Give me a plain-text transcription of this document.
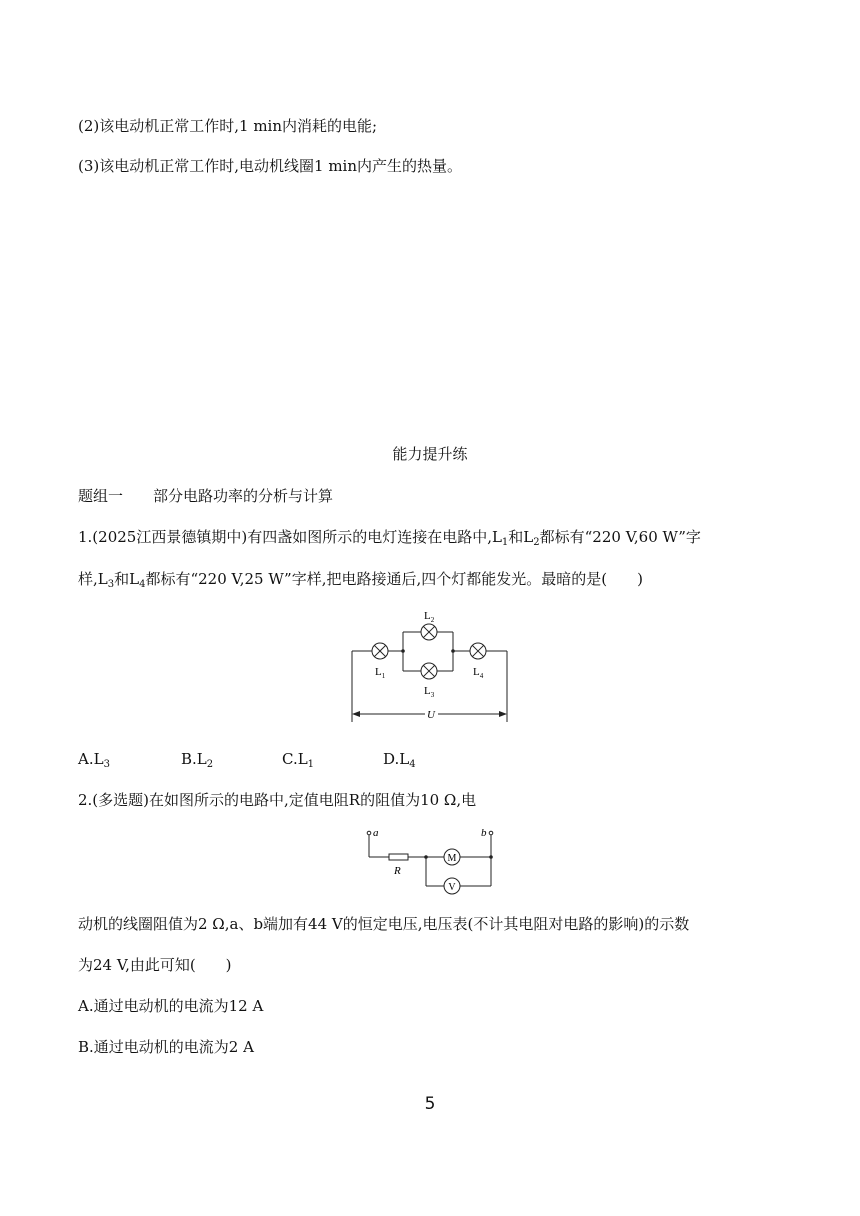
(2)该电动机正常工作时,1 min内消耗的电能;
(3)该电动机正常工作时,电动机线圈1 min内产生的热量。
能力提升练
题组一　　部分电路功率的分析与计算
1.(2025江西景德镇期中)有四盏如图所示的电灯连接在电路中$,L_1$和$L_2$都标有“220 V,60 W”字
样$,L_3$和$L_4$都标有“220 V,25 W”字样,把电路接通后,四个灯都能发光。最暗的是(　　)
$L_1$
$L_2$
$L_3$
$L_4$
U
$A.L_3$	$B.L_2$	$C.L_1$	$D.L_4$
2.(多选题)在如图所示的电路中,定值电阻R的阻值为10 Ω,电
a	b
R
M
V
动机的线圈阻值为2 Ω,a、b端加有44 V的恒定电压,电压表(不计其电阻对电路的影响)的示数
为24 V,由此可知(　　)
A.通过电动机的电流为12 A
B.通过电动机的电流为2 A
5
